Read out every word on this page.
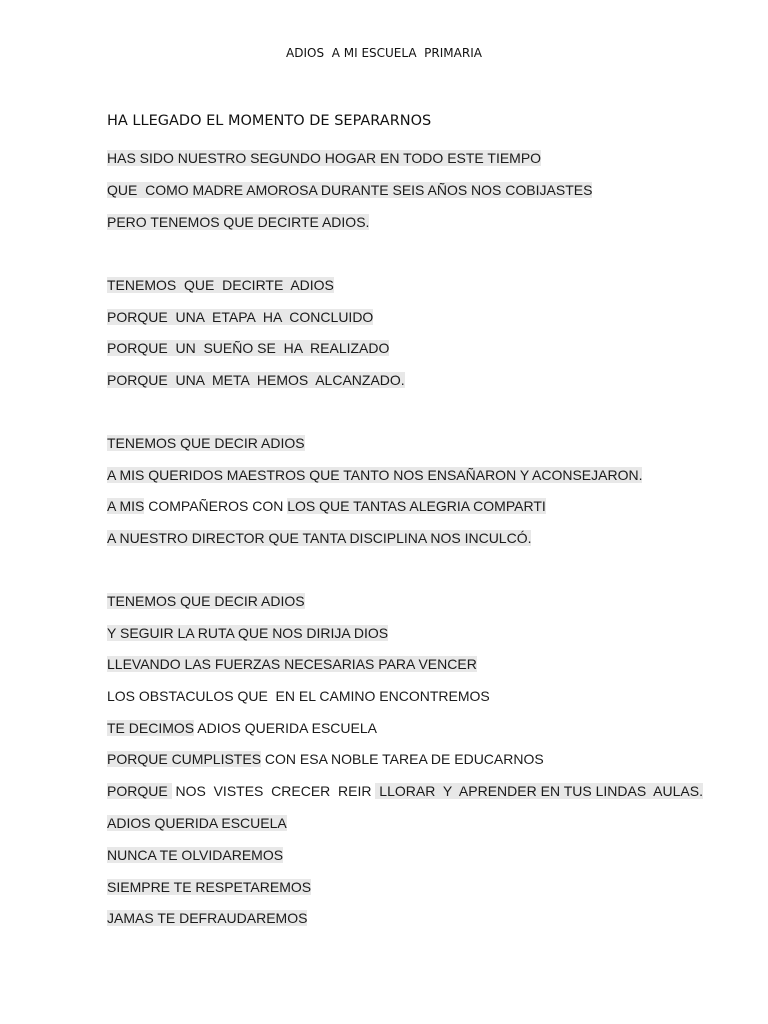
ADIOS  A MI ESCUELA  PRIMARIA
HA LLEGADO EL MOMENTO DE SEPARARNOS
HAS SIDO NUESTRO SEGUNDO HOGAR EN TODO ESTE TIEMPO
QUE  COMO MADRE AMOROSA DURANTE SEIS AÑOS NOS COBIJASTES
PERO TENEMOS QUE DECIRTE ADIOS.
TENEMOS  QUE  DECIRTE  ADIOS
PORQUE  UNA  ETAPA  HA  CONCLUIDO
PORQUE  UN  SUEÑO SE  HA  REALIZADO
PORQUE  UNA  META  HEMOS  ALCANZADO.
TENEMOS QUE DECIR ADIOS
A MIS QUERIDOS MAESTROS QUE TANTO NOS ENSAÑARON Y ACONSEJARON.
A MIS COMPAÑEROS CON LOS QUE TANTAS ALEGRIA COMPARTI
A NUESTRO DIRECTOR QUE TANTA DISCIPLINA NOS INCULCÓ.
TENEMOS QUE DECIR ADIOS
Y SEGUIR LA RUTA QUE NOS DIRIJA DIOS
LLEVANDO LAS FUERZAS NECESARIAS PARA VENCER
LOS OBSTACULOS QUE  EN EL CAMINO ENCONTREMOS
TE DECIMOS ADIOS QUERIDA ESCUELA
PORQUE CUMPLISTES CON ESA NOBLE TAREA DE EDUCARNOS
PORQUE  NOS  VISTES  CRECER  REIR  LLORAR  Y  APRENDER EN TUS LINDAS  AULAS.
ADIOS QUERIDA ESCUELA
NUNCA TE OLVIDAREMOS
SIEMPRE TE RESPETAREMOS
JAMAS TE DEFRAUDAREMOS
